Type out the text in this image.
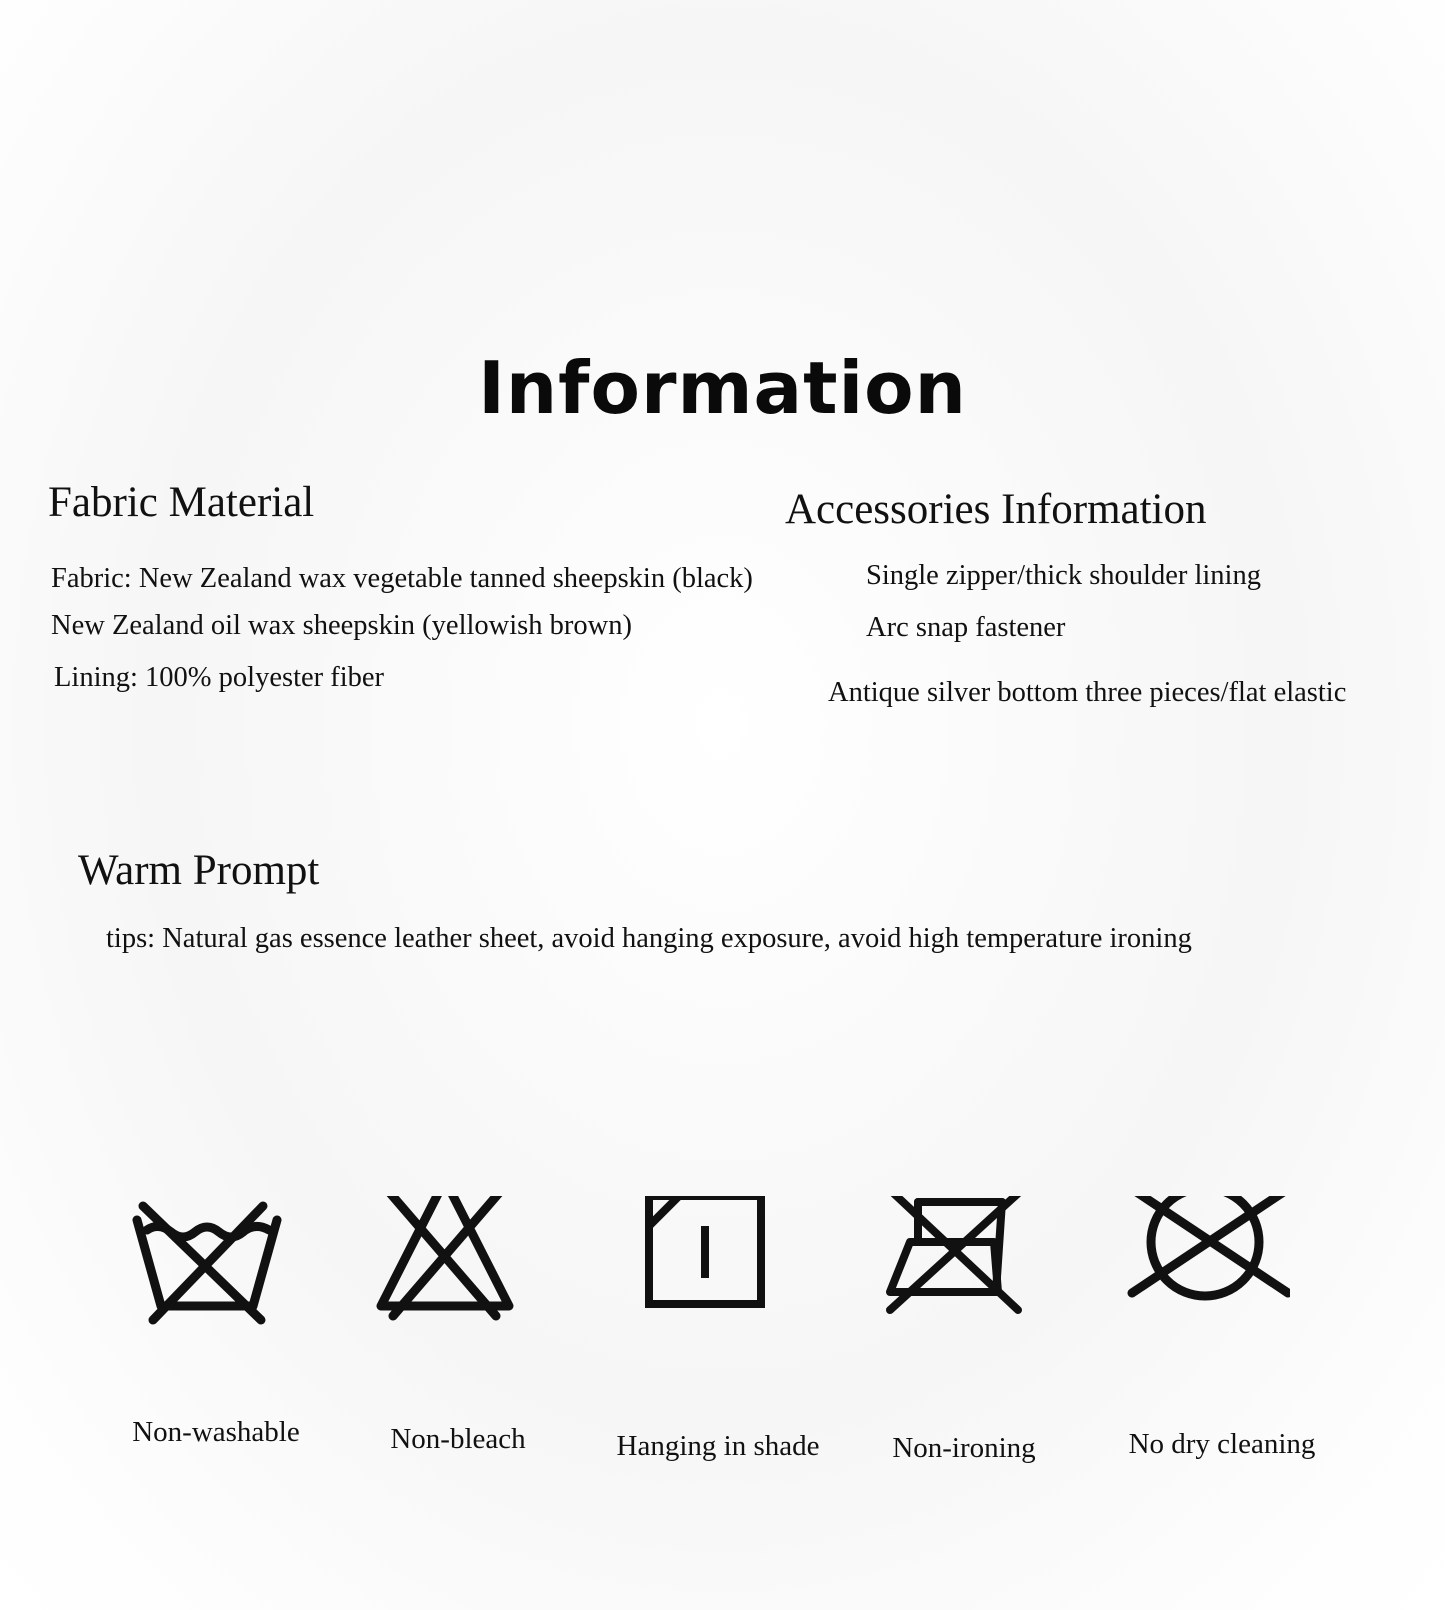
Information
Fabric Material
Fabric: New Zealand wax vegetable tanned sheepskin (black)
New Zealand oil wax sheepskin (yellowish brown)
Lining: 100% polyester fiber
Accessories Information
Single zipper/thick shoulder lining
Arc snap fastener
Antique silver bottom three pieces/flat elastic
Warm Prompt
tips: Natural gas essence leather sheet, avoid hanging exposure, avoid high temperature ironing
Non-washable	Non-bleach	Hanging in shade	Non-ironing	No dry cleaning
